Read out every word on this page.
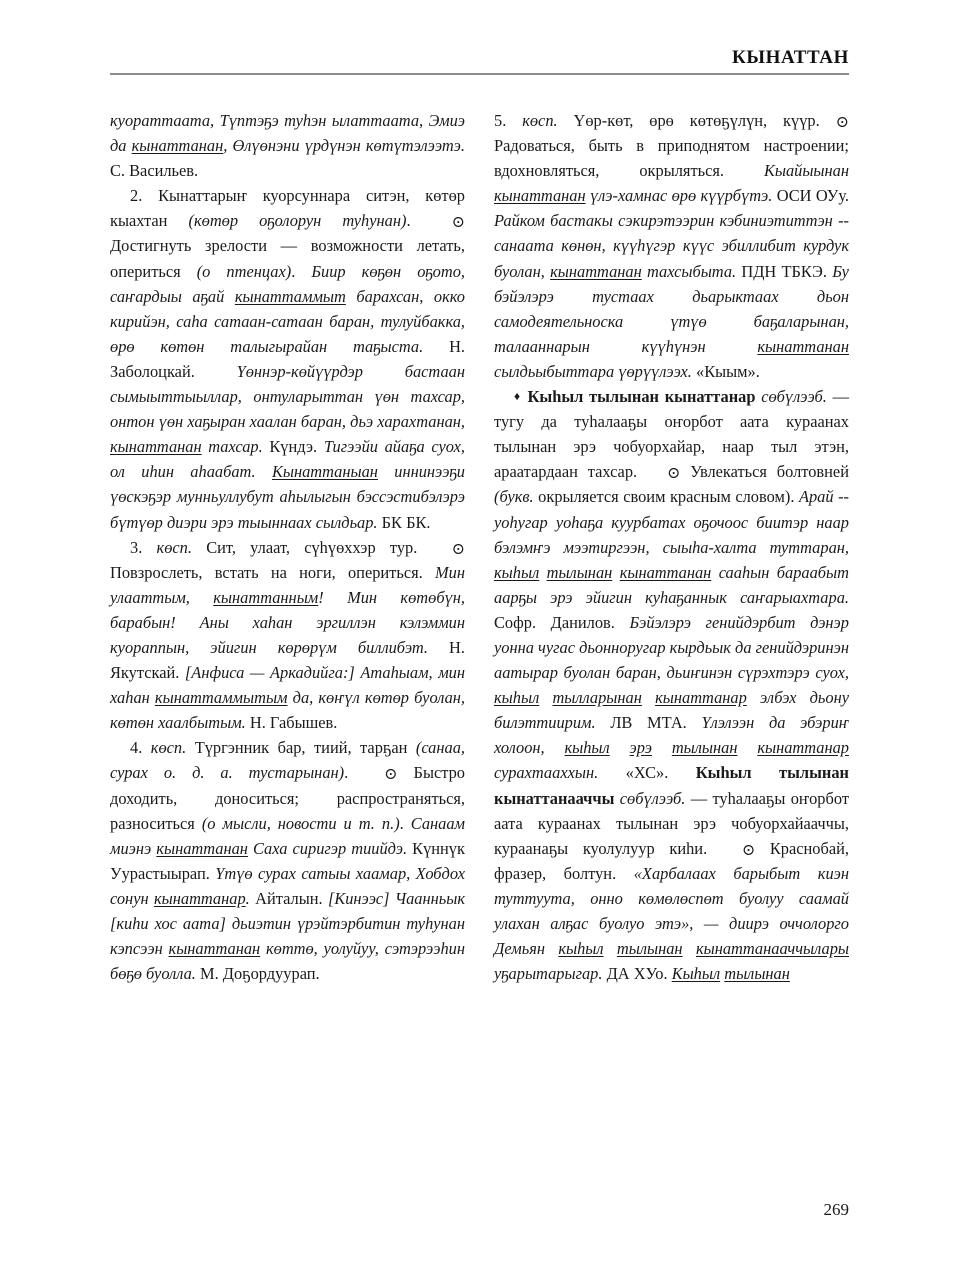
КЫНАТТАН

куораттаата, Түптэҕэ туһэн ылаттаата, Эмиэ да кынаттанан, Өлүөнэни үрдүнэн көтүтэлээтэ. С. Васильев.

2. Кынаттарыҥ куорсуннара ситэн, көтөр кыахтан (көтөр оҕолорун туһунан). ⊙ Достигнуть зрелости — возможности летать, опериться (о птенцах). Биир көҕөн оҕото, саҥардыы аҕай кынаттаммыт барахсан, окко кирийэн, саһа сатаан-сатаан баран, тулуйбакка, өрө көтөн талыгырайан таҕыста. Н. Заболоцкай.	Үөннэр-көйүүрдэр бастаан сымыыттыыллар, онтуларыттан үөн тахсар, онтон үөн хаҕыран хаалан баран, дьэ харахтанан, кынаттанан тахсар. Күндэ. Тигээйи айаҕа суох, ол иһин аһаабат. Кынаттаныан иннинээҕи үөскэҕэр мунньуллубут аһылыгын бэссэстибэлэрэ бүтүөр диэри эрэ тыыннаах сылдьар. БК БК.

3. көсп. Сит, улаат, сүһүөххэр тур. ⊙ Повзрослеть, встать на ноги, опериться. Мин улааттым, кынаттанным! Мин көтөбүн, барабын! Аны хаһан эргиллэн кэлэммин куораппын, эйигин көрөрүм биллибэт. Н. Якутскай. [Анфиса — Аркадийга:] Атаһыам, мин хаһан кынаттаммытым да, көҥүл көтөр буолан, көтөн хаалбытым. Н. Габышев.

4. көсп. Түргэнник бар, тиий, тарҕан (санаа, сурах о. д. а. тустарынан). ⊙ Быстро доходить, доноситься; распространяться, разноситься (о мысли, новости и т. п.). Санаам миэнэ кынаттанан Саха сиригэр тиийдэ. Күннүк Уурастыырап. Үтүө сурах сатыы хаамар, Хобдох сонун кынаттанар. Айталын. [Кинээс] Чаанньык [киһи хос аата] дьиэтин үрэйтэрбитин туһунан кэпсээн кынаттанан көттө, уолуйуу, сэтэрээһин бөҕө буолла. М. Доҕордуурап.

5. көсп. Үөр-көт, өрө көтөҕүлүн, күүр. ⊙ Радоваться, быть в приподнятом настроении; вдохновляться, окрыляться. Кыайыынан кынаттанан үлэ-хамнас өрө күүрбүтэ. ОСИ ОУу. Райком бастакы сэкирэтээрин кэбиниэтиттэн -- санаата көнөн, күүһүгэр күүс эбиллибит курдук буолан, кынаттанан тахсыбыта. ПДН ТБКЭ. Бу бэйэлэрэ тустаах дьарыктаах дьон самодеятельноска үтүө баҕаларынан, талааннарын күүһүнэн кынаттанан сылдьыбыттара үөрүүлээх. «Кыым».

♦ Кыһыл тылынан кынаттанар сөбүлээб. — тугу да туһалааҕы оҥорбот аата кураанах тылынан эрэ чобуорхайар, наар тыл этэн, араатардаан тахсар. ⊙ Увлекаться болтовней (букв. окрыляется своим красным словом). Арай -- уоһугар уоһаҕа куурбатах оҕочоос биитэр наар бэлэмҥэ мээтиргээн, сыыһа-халта туттаран, кыһыл тылынан кынаттанан сааһын бараабыт аарҕы эрэ эйигин куһаҕаннык саҥарыахтара. Софр. Данилов. Бэйэлэрэ генийдэрбит дэнэр уонна чугас дьонноругар кырдьык да генийдэринэн аатырар буолан баран, дьиҥинэн сүрэхтэрэ суох, кыһыл тылларынан кынаттанар элбэх дьону билэттиирим. ЛВ МТА. Үлэлээн да эбэриҥ холоон, кыһыл эрэ тылынан кынаттанар сурахтааххын. «ХС». Кыһыл тылынан кынаттанааччы сөбүлээб. — туһалааҕы оҥорбот аата кураанах тылынан эрэ чобуорхайааччы, кураанаҕы куолулуур киһи. ⊙ Краснобай, фразер, болтун. «Харбалаах барыбыт киэн туттуута, онно көмөлөспөт буолуу саамай улахан алҕас буолуо этэ», — диирэ оччолорго Демьян кыһыл тылынан кынаттанааччылары уҕарытарыгар. ДА ХУо. Кыһыл тылынан

269
